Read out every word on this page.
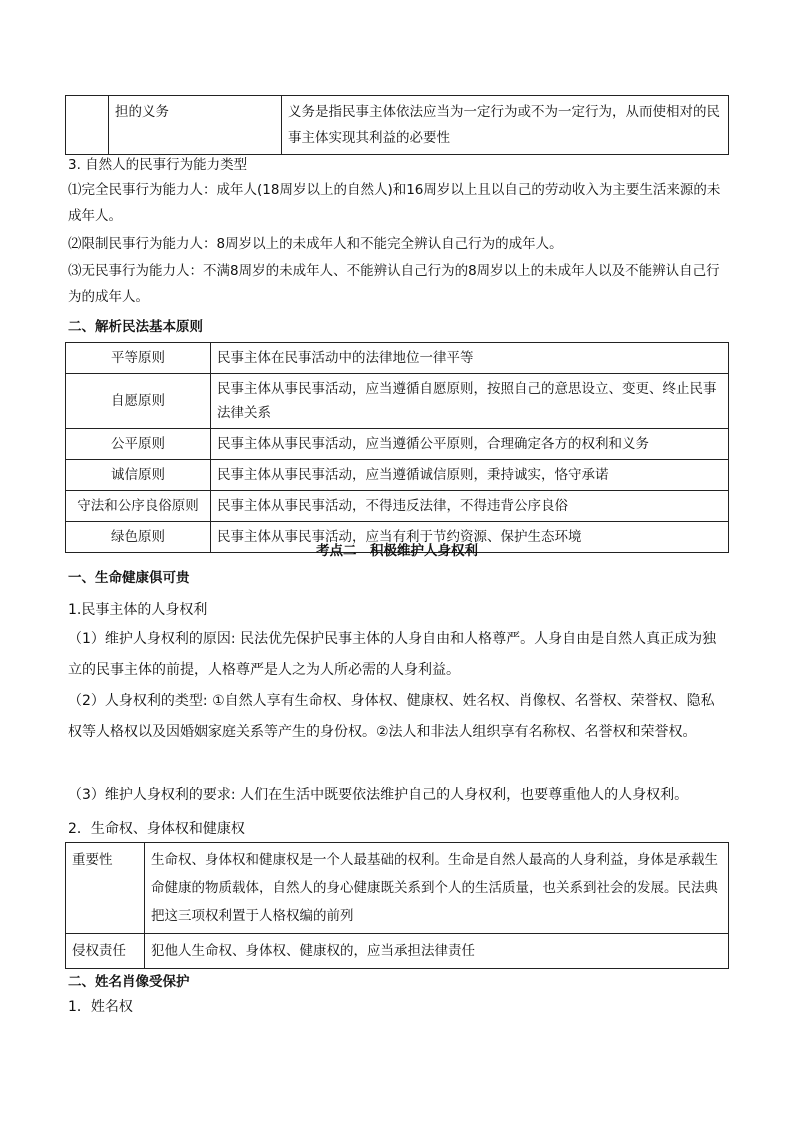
	担的义务	义务是指民事主体依法应当为一定行为或不为一定行为，从而使相对的民事主体实现其利益的必要性
3. 自然人的民事行为能力类型
⑴完全民事行为能力人：成年人(18周岁以上的自然人)和16周岁以上且以自己的劳动收入为主要生活来源的未成年人。
⑵限制民事行为能力人：8周岁以上的未成年人和不能完全辨认自己行为的成年人。
⑶无民事行为能力人：不满8周岁的未成年人、不能辨认自己行为的8周岁以上的未成年人以及不能辨认自己行为的成年人。
二、解析民法基本原则
平等原则	民事主体在民事活动中的法律地位一律平等
自愿原则	民事主体从事民事活动，应当遵循自愿原则，按照自己的意思设立、变更、终止民事法律关系
公平原则	民事主体从事民事活动，应当遵循公平原则，合理确定各方的权利和义务
诚信原则	民事主体从事民事活动，应当遵循诚信原则，秉持诚实，恪守承诺
守法和公序良俗原则	民事主体从事民事活动，不得违反法律，不得违背公序良俗
绿色原则	民事主体从事民事活动，应当有利于节约资源、保护生态环境
考点二　积极维护人身权利
一、生命健康俱可贵
1.民事主体的人身权利
（1）维护人身权利的原因: 民法优先保护民事主体的人身自由和人格尊严。人身自由是自然人真正成为独立的民事主体的前提，人格尊严是人之为人所必需的人身利益。
（2）人身权利的类型: ①自然人享有生命权、身体权、健康权、姓名权、肖像权、名誉权、荣誉权、隐私权等人格权以及因婚姻家庭关系等产生的身份权。②法人和非法人组织享有名称权、名誉权和荣誉权。
（3）维护人身权利的要求: 人们在生活中既要依法维护自己的人身权利，也要尊重他人的人身权利。
2．生命权、身体权和健康权
重要性	生命权、身体权和健康权是一个人最基础的权利。生命是自然人最高的人身利益，身体是承载生命健康的物质载体，自然人的身心健康既关系到个人的生活质量，也关系到社会的发展。民法典把这三项权利置于人格权编的前列
侵权责任	犯他人生命权、身体权、健康权的，应当承担法律责任
二、姓名肖像受保护
1．姓名权
